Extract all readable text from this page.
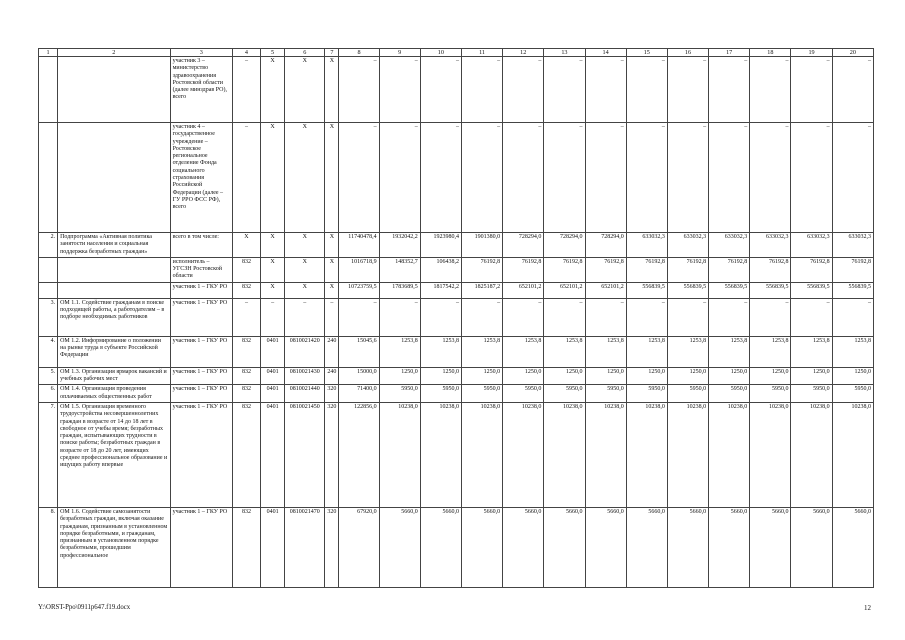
1	2	3	4	5	6	7	8	9	10	11	12	13	14	15	16	17	18	19	20
		участник 3 – министерство здравоохранения Ростовской области (далее минздрав РО), всего	–	X	X	X	–	–	–	–	–	–	–	–	–	–	–	–	–
		участник 4 – государственное учреждение – Ростовское региональное отделение Фонда социального страхования Российской Федерации (далее – ГУ РРО ФСС РФ), всего	–	X	X	X	–	–	–	–	–	–	–	–	–	–	–	–	–
2.	Подпрограмма «Активная политика занятости населения и социальная поддержка безработных граждан»	всего в том числе:	X	X	X	X	11740478,4	1932042,2	1923980,4	1901380,0	728294,0	728294,0	728294,0	633032,3	633032,3	633032,3	633032,3	633032,3	633032,3
		исполнитель – УГСЗН Ростовской области	832	X	X	X	1016718,9	148352,7	106438,2	76192,8	76192,8	76192,8	76192,8	76192,8	76192,8	76192,8	76192,8	76192,8	76192,8
		участник 1 – ГКУ РО	832	X	X	X	10723759,5	1783689,5	1817542,2	1825187,2	652101,2	652101,2	652101,2	556839,5	556839,5	556839,5	556839,5	556839,5	556839,5
3.	ОМ 1.1. Содействие гражданам в поиске подходящей работы, а работодателям – в подборе необходимых работников	участник 1 – ГКУ РО	–	–	–	–	–	–	–	–	–	–	–	–	–	–	–	–	–
4.	ОМ 1.2. Информирование о положении на рынке труда в субъекте Российской Федерации	участник 1 – ГКУ РО	832	0401	0810021420	240	15045,6	1253,8	1253,8	1253,8	1253,8	1253,8	1253,8	1253,8	1253,8	1253,8	1253,8	1253,8	1253,8
5.	ОМ 1.3. Организация ярмарок вакансий и учебных рабочих мест	участник 1 – ГКУ РО	832	0401	0810021430	240	15000,0	1250,0	1250,0	1250,0	1250,0	1250,0	1250,0	1250,0	1250,0	1250,0	1250,0	1250,0	1250,0
6.	ОМ 1.4. Организация проведения оплачиваемых общественных работ	участник 1 – ГКУ РО	832	0401	0810021440	320	71400,0	5950,0	5950,0	5950,0	5950,0	5950,0	5950,0	5950,0	5950,0	5950,0	5950,0	5950,0	5950,0
7.	ОМ 1.5. Организация временного трудоустройства несовершеннолетних граждан в возрасте от 14 до 18 лет в свободное от учебы время; безработных граждан, испытывающих трудности в поиске работы; безработных граждан в возрасте от 18 до 20 лет, имеющих среднее профессиональное образование и ищущих работу впервые	участник 1 – ГКУ РО	832	0401	0810021450	320	122856,0	10238,0	10238,0	10238,0	10238,0	10238,0	10238,0	10238,0	10238,0	10238,0	10238,0	10238,0	10238,0
8.	ОМ 1.6. Содействие самозанятости безработных граждан, включая оказание гражданам, признанным в установленном порядке безработными, и гражданам, признанным в установленном порядке безработными, прошедшим профессиональное	участник 1 – ГКУ РО	832	0401	0810021470	320	67920,0	5660,0	5660,0	5660,0	5660,0	5660,0	5660,0	5660,0	5660,0	5660,0	5660,0	5660,0	5660,0
Y:\ORST-Ppo\0911p647.f19.docx	12
